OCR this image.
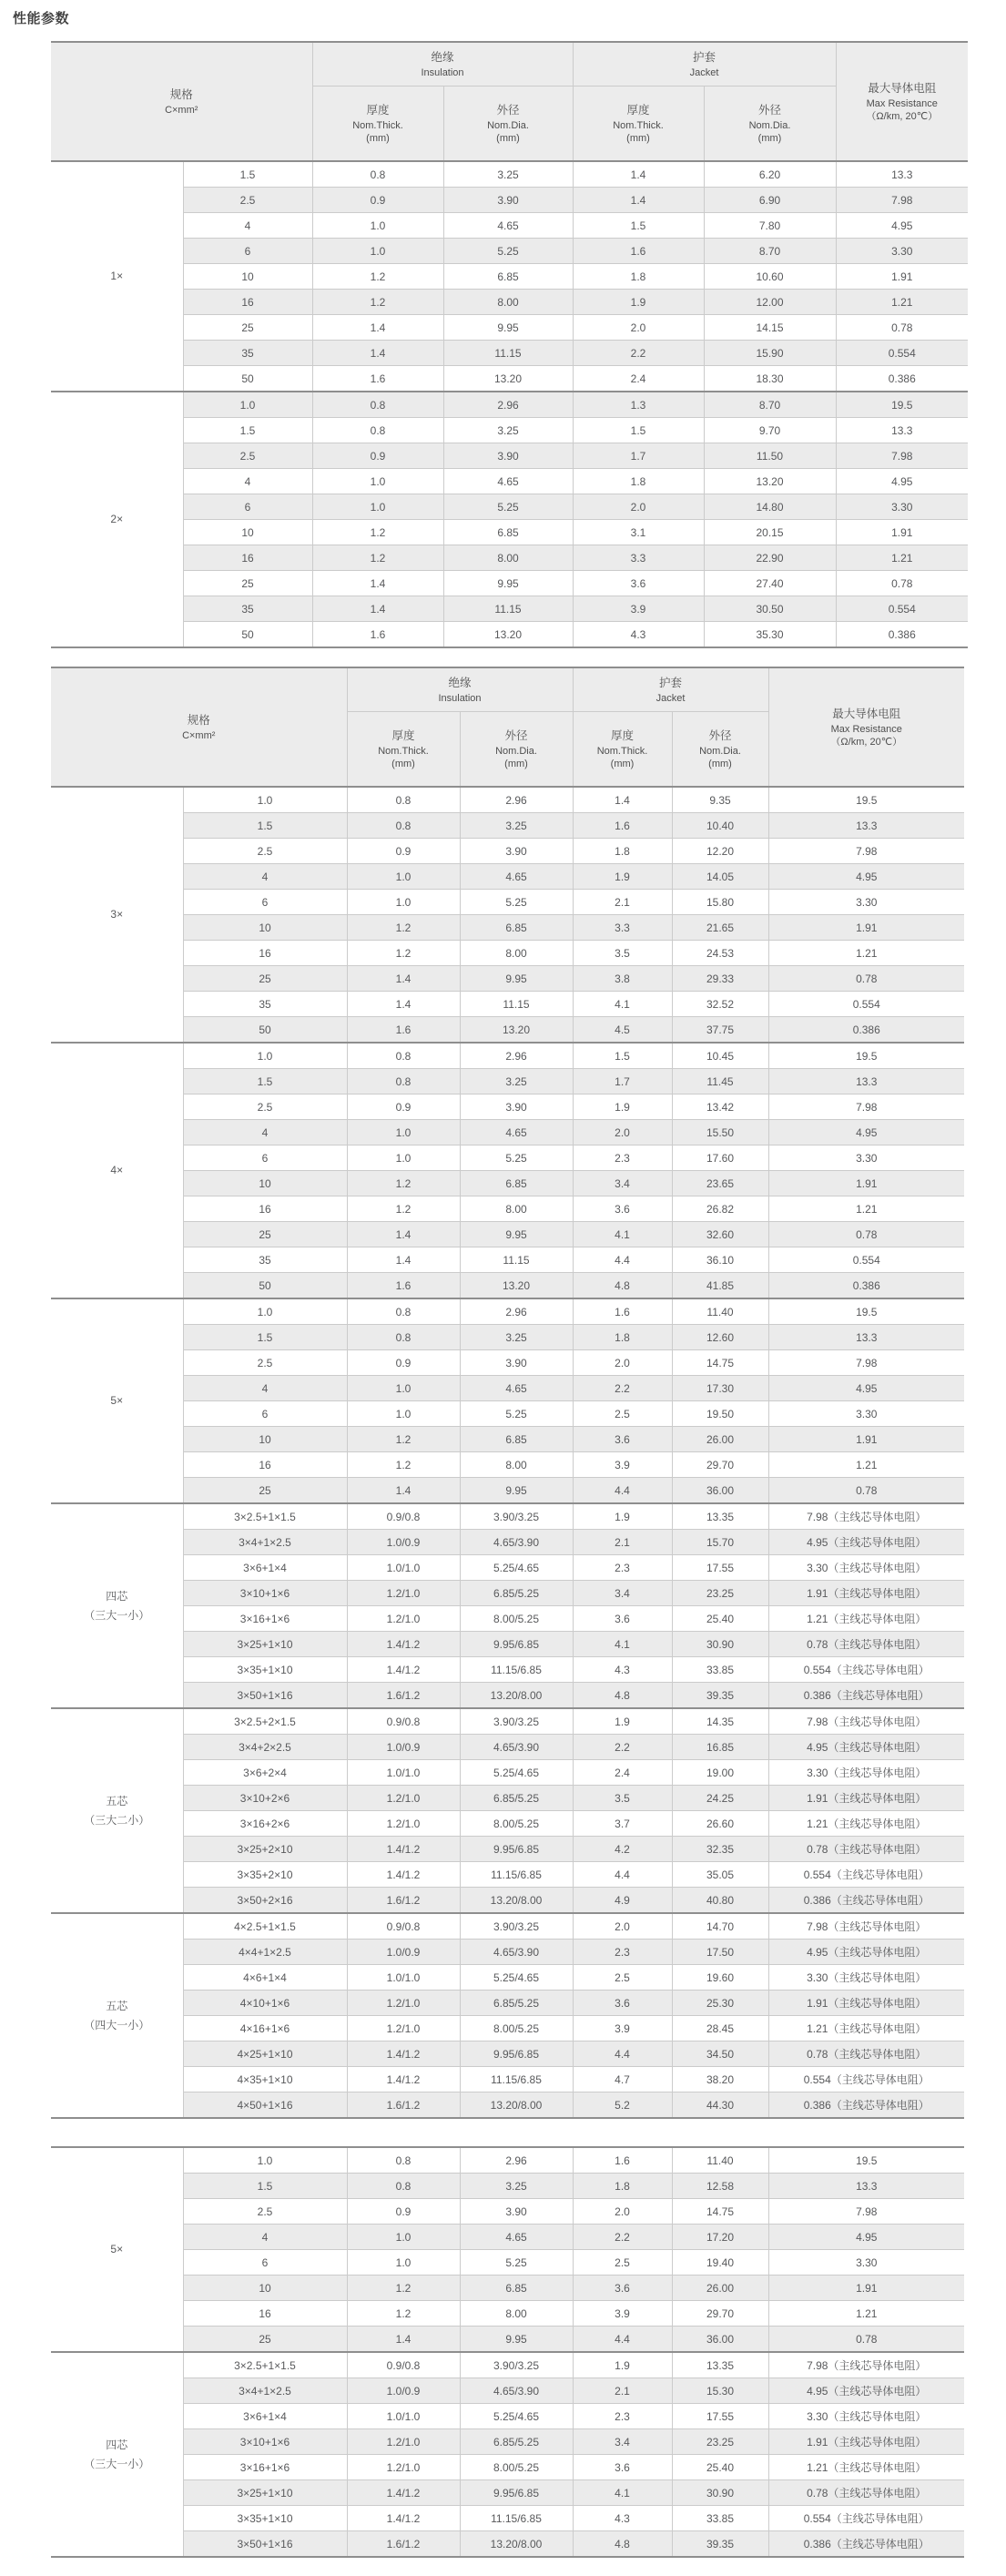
性能参数
规格
C×mm²

绝缘
Insulation

护套
Jacket

最大导体电阻
Max Resistance
（Ω/km, 20℃）

厚度
Nom.Thick.
(mm)

外径
Nom.Dia.
(mm)

厚度
Nom.Thick.
(mm)

外径
Nom.Dia.
(mm)

1×	1.5	0.8	3.25	1.4	6.20	13.3
	2.5	0.9	3.90	1.4	6.90	7.98
	4	1.0	4.65	1.5	7.80	4.95
	6	1.0	5.25	1.6	8.70	3.30
	10	1.2	6.85	1.8	10.60	1.91
	16	1.2	8.00	1.9	12.00	1.21
	25	1.4	9.95	2.0	14.15	0.78
	35	1.4	11.15	2.2	15.90	0.554
	50	1.6	13.20	2.4	18.30	0.386

2×	1.0	0.8	2.96	1.3	8.70	19.5
	1.5	0.8	3.25	1.5	9.70	13.3
	2.5	0.9	3.90	1.7	11.50	7.98
	4	1.0	4.65	1.8	13.20	4.95
	6	1.0	5.25	2.0	14.80	3.30
	10	1.2	6.85	3.1	20.15	1.91
	16	1.2	8.00	3.3	22.90	1.21
	25	1.4	9.95	3.6	27.40	0.78
	35	1.4	11.15	3.9	30.50	0.554
	50	1.6	13.20	4.3	35.30	0.386
规格
C×mm²

绝缘
Insulation

护套
Jacket

最大导体电阻
Max Resistance
（Ω/km, 20℃）

厚度
Nom.Thick.
(mm)

外径
Nom.Dia.
(mm)

厚度
Nom.Thick.
(mm)

外径
Nom.Dia.
(mm)

3×	1.0	0.8	2.96	1.4	9.35	19.5
	1.5	0.8	3.25	1.6	10.40	13.3
	2.5	0.9	3.90	1.8	12.20	7.98
	4	1.0	4.65	1.9	14.05	4.95
	6	1.0	5.25	2.1	15.80	3.30
	10	1.2	6.85	3.3	21.65	1.91
	16	1.2	8.00	3.5	24.53	1.21
	25	1.4	9.95	3.8	29.33	0.78
	35	1.4	11.15	4.1	32.52	0.554
	50	1.6	13.20	4.5	37.75	0.386

4×	1.0	0.8	2.96	1.5	10.45	19.5
	1.5	0.8	3.25	1.7	11.45	13.3
	2.5	0.9	3.90	1.9	13.42	7.98
	4	1.0	4.65	2.0	15.50	4.95
	6	1.0	5.25	2.3	17.60	3.30
	10	1.2	6.85	3.4	23.65	1.91
	16	1.2	8.00	3.6	26.82	1.21
	25	1.4	9.95	4.1	32.60	0.78
	35	1.4	11.15	4.4	36.10	0.554
	50	1.6	13.20	4.8	41.85	0.386

5×	1.0	0.8	2.96	1.6	11.40	19.5
	1.5	0.8	3.25	1.8	12.60	13.3
	2.5	0.9	3.90	2.0	14.75	7.98
	4	1.0	4.65	2.2	17.30	4.95
	6	1.0	5.25	2.5	19.50	3.30
	10	1.2	6.85	3.6	26.00	1.91
	16	1.2	8.00	3.9	29.70	1.21
	25	1.4	9.95	4.4	36.00	0.78

四芯
（三大一小）	3×2.5+1×1.5	0.9/0.8	3.90/3.25	1.9	13.35	7.98（主线芯导体电阻）
	3×4+1×2.5	1.0/0.9	4.65/3.90	2.1	15.70	4.95（主线芯导体电阻）
	3×6+1×4	1.0/1.0	5.25/4.65	2.3	17.55	3.30（主线芯导体电阻）
	3×10+1×6	1.2/1.0	6.85/5.25	3.4	23.25	1.91（主线芯导体电阻）
	3×16+1×6	1.2/1.0	8.00/5.25	3.6	25.40	1.21（主线芯导体电阻）
	3×25+1×10	1.4/1.2	9.95/6.85	4.1	30.90	0.78（主线芯导体电阻）
	3×35+1×10	1.4/1.2	11.15/6.85	4.3	33.85	0.554（主线芯导体电阻）
	3×50+1×16	1.6/1.2	13.20/8.00	4.8	39.35	0.386（主线芯导体电阻）

五芯
（三大二小）	3×2.5+2×1.5	0.9/0.8	3.90/3.25	1.9	14.35	7.98（主线芯导体电阻）
	3×4+2×2.5	1.0/0.9	4.65/3.90	2.2	16.85	4.95（主线芯导体电阻）
	3×6+2×4	1.0/1.0	5.25/4.65	2.4	19.00	3.30（主线芯导体电阻）
	3×10+2×6	1.2/1.0	6.85/5.25	3.5	24.25	1.91（主线芯导体电阻）
	3×16+2×6	1.2/1.0	8.00/5.25	3.7	26.60	1.21（主线芯导体电阻）
	3×25+2×10	1.4/1.2	9.95/6.85	4.2	32.35	0.78（主线芯导体电阻）
	3×35+2×10	1.4/1.2	11.15/6.85	4.4	35.05	0.554（主线芯导体电阻）
	3×50+2×16	1.6/1.2	13.20/8.00	4.9	40.80	0.386（主线芯导体电阻）

五芯
（四大一小）	4×2.5+1×1.5	0.9/0.8	3.90/3.25	2.0	14.70	7.98（主线芯导体电阻）
	4×4+1×2.5	1.0/0.9	4.65/3.90	2.3	17.50	4.95（主线芯导体电阻）
	4×6+1×4	1.0/1.0	5.25/4.65	2.5	19.60	3.30（主线芯导体电阻）
	4×10+1×6	1.2/1.0	6.85/5.25	3.6	25.30	1.91（主线芯导体电阻）
	4×16+1×6	1.2/1.0	8.00/5.25	3.9	28.45	1.21（主线芯导体电阻）
	4×25+1×10	1.4/1.2	9.95/6.85	4.4	34.50	0.78（主线芯导体电阻）
	4×35+1×10	1.4/1.2	11.15/6.85	4.7	38.20	0.554（主线芯导体电阻）
	4×50+1×16	1.6/1.2	13.20/8.00	5.2	44.30	0.386（主线芯导体电阻）
5×	1.0	0.8	2.96	1.6	11.40	19.5
	1.5	0.8	3.25	1.8	12.58	13.3
	2.5	0.9	3.90	2.0	14.75	7.98
	4	1.0	4.65	2.2	17.20	4.95
	6	1.0	5.25	2.5	19.40	3.30
	10	1.2	6.85	3.6	26.00	1.91
	16	1.2	8.00	3.9	29.70	1.21
	25	1.4	9.95	4.4	36.00	0.78

四芯
（三大一小）	3×2.5+1×1.5	0.9/0.8	3.90/3.25	1.9	13.35	7.98（主线芯导体电阻）
	3×4+1×2.5	1.0/0.9	4.65/3.90	2.1	15.30	4.95（主线芯导体电阻）
	3×6+1×4	1.0/1.0	5.25/4.65	2.3	17.55	3.30（主线芯导体电阻）
	3×10+1×6	1.2/1.0	6.85/5.25	3.4	23.25	1.91（主线芯导体电阻）
	3×16+1×6	1.2/1.0	8.00/5.25	3.6	25.40	1.21（主线芯导体电阻）
	3×25+1×10	1.4/1.2	9.95/6.85	4.1	30.90	0.78（主线芯导体电阻）
	3×35+1×10	1.4/1.2	11.15/6.85	4.3	33.85	0.554（主线芯导体电阻）
	3×50+1×16	1.6/1.2	13.20/8.00	4.8	39.35	0.386（主线芯导体电阻）
